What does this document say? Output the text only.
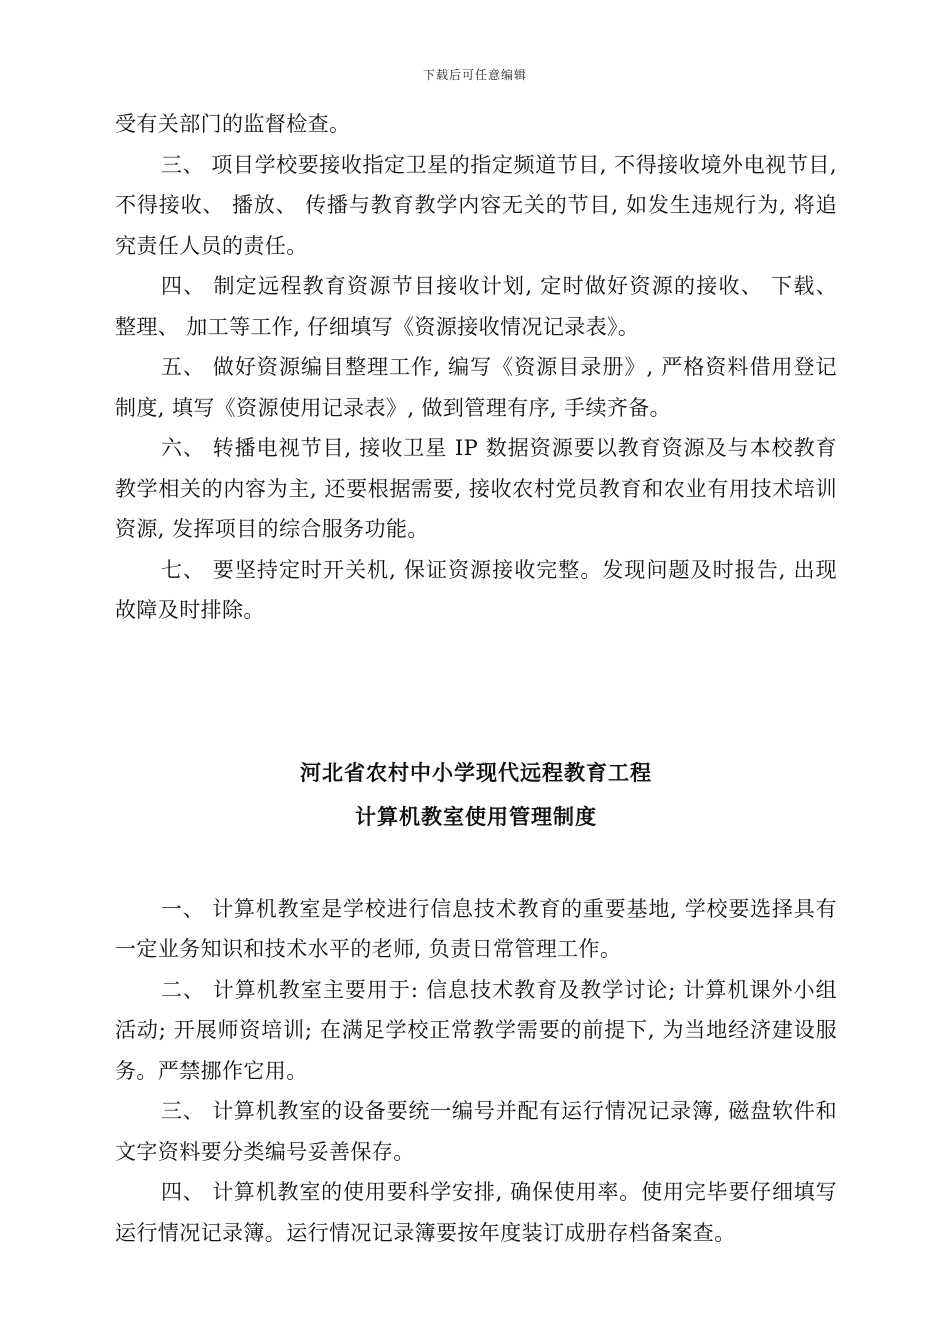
下载后可任意编辑

受有关部门的监督检查。

三、 项目学校要接收指定卫星的指定频道节目, 不得接收境外电视节目, 不得接收、 播放、 传播与教育教学内容无关的节目, 如发生违规行为, 将追究责任人员的责任。

四、 制定远程教育资源节目接收计划, 定时做好资源的接收、 下载、 整理、 加工等工作, 仔细填写《资源接收情况记录表》。

五、 做好资源编目整理工作, 编写《资源目录册》, 严格资料借用登记制度, 填写《资源使用记录表》, 做到管理有序, 手续齐备。

六、 转播电视节目, 接收卫星 IP 数据资源要以教育资源及与本校教育教学相关的内容为主, 还要根据需要, 接收农村党员教育和农业有用技术培训资源, 发挥项目的综合服务功能。

七、 要坚持定时开关机, 保证资源接收完整。发现问题及时报告, 出现故障及时排除。

河北省农村中小学现代远程教育工程
计算机教室使用管理制度

一、 计算机教室是学校进行信息技术教育的重要基地, 学校要选择具有一定业务知识和技术水平的老师, 负责日常管理工作。

二、 计算机教室主要用于: 信息技术教育及教学讨论; 计算机课外小组活动; 开展师资培训; 在满足学校正常教学需要的前提下, 为当地经济建设服务。严禁挪作它用。

三、 计算机教室的设备要统一编号并配有运行情况记录簿, 磁盘软件和文字资料要分类编号妥善保存。

四、 计算机教室的使用要科学安排, 确保使用率。使用完毕要仔细填写运行情况记录簿。运行情况记录簿要按年度装订成册存档备案查。
